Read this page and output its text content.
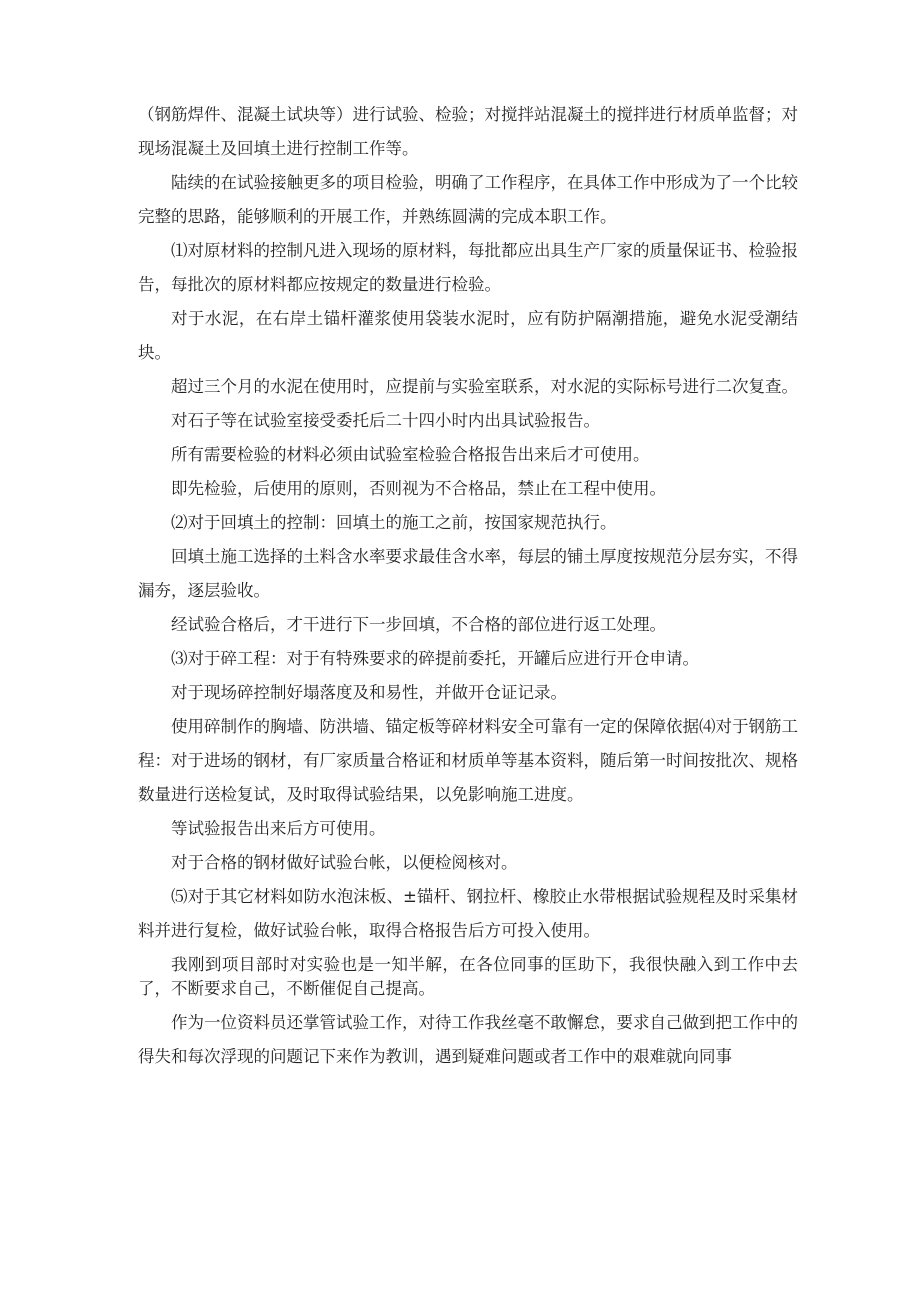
（钢筋焊件、混凝土试块等）进行试验、检验；对搅拌站混凝土的搅拌进行材质单监督；对现场混凝土及回填土进行控制工作等。

陆续的在试验接触更多的项目检验，明确了工作程序，在具体工作中形成为了一个比较完整的思路，能够顺利的开展工作，并熟练圆满的完成本职工作。

⑴对原材料的控制凡进入现场的原材料，每批都应出具生产厂家的质量保证书、检验报告，每批次的原材料都应按规定的数量进行检验。

对于水泥，在右岸土锚杆灌浆使用袋装水泥时，应有防护隔潮措施，避免水泥受潮结块。

超过三个月的水泥在使用时，应提前与实验室联系，对水泥的实际标号进行二次复查。

对石子等在试验室接受委托后二十四小时内出具试验报告。

所有需要检验的材料必须由试验室检验合格报告出来后才可使用。

即先检验，后使用的原则，否则视为不合格品，禁止在工程中使用。

⑵对于回填土的控制：回填土的施工之前，按国家规范执行。

回填土施工选择的土料含水率要求最佳含水率，每层的铺土厚度按规范分层夯实，不得漏夯，逐层验收。

经试验合格后，才干进行下一步回填，不合格的部位进行返工处理。

⑶对于碎工程：对于有特殊要求的碎提前委托，开罐后应进行开仓申请。

对于现场碎控制好塌落度及和易性，并做开仓证记录。

使用碎制作的胸墙、防洪墙、锚定板等碎材料安全可靠有一定的保障依据⑷对于钢筋工程：对于进场的钢材，有厂家质量合格证和材质单等基本资料，随后第一时间按批次、规格数量进行送检复试，及时取得试验结果，以免影响施工进度。

等试验报告出来后方可使用。

对于合格的钢材做好试验台帐，以便检阅核对。

⑸对于其它材料如防水泡沫板、±锚杆、钢拉杆、橡胶止水带根据试验规程及时采集材料并进行复检，做好试验台帐，取得合格报告后方可投入使用。

我刚到项目部时对实验也是一知半解，在各位同事的匡助下，我很快融入到工作中去了，不断要求自己，不断催促自己提高。

作为一位资料员还掌管试验工作，对待工作我丝毫不敢懈怠，要求自己做到把工作中的得失和每次浮现的问题记下来作为教训，遇到疑难问题或者工作中的艰难就向同事
